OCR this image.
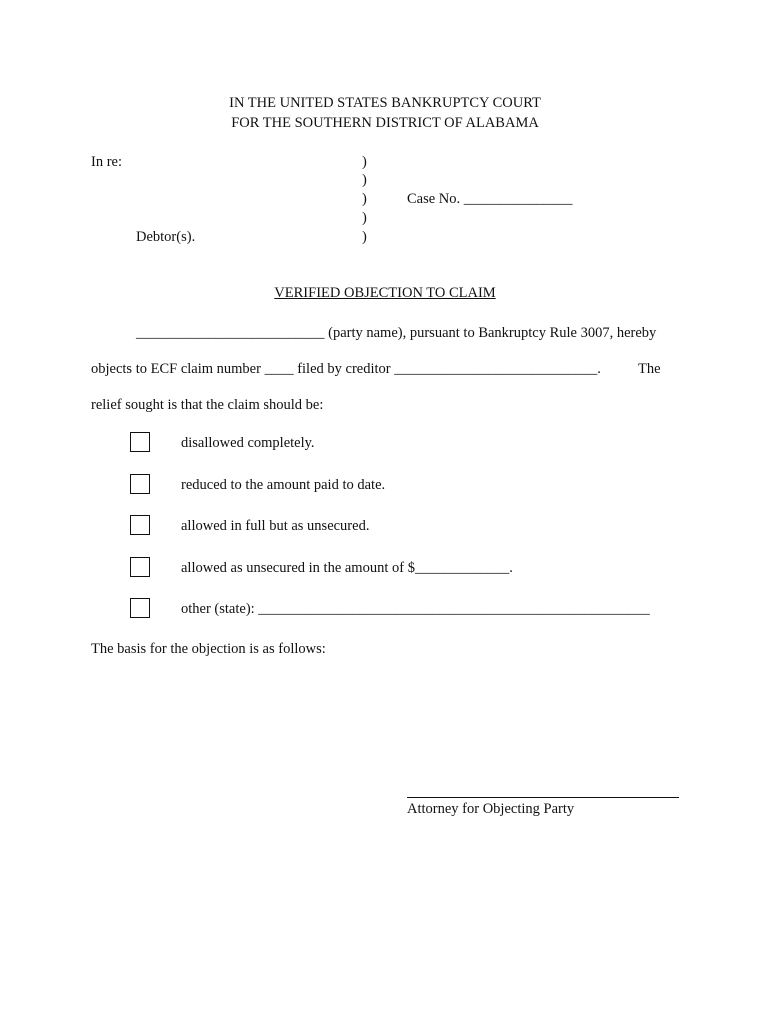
IN THE UNITED STATES BANKRUPTCY COURT
FOR THE SOUTHERN DISTRICT OF ALABAMA
In re:	)
)
)
)
)
Case No. _______________
Debtor(s).
VERIFIED OBJECTION TO CLAIM
__________________________ (party name), pursuant to Bankruptcy Rule 3007, hereby
objects to ECF claim number ____ filed by creditor ____________________________.	The
relief sought is that the claim should be:
disallowed completely.
reduced to the amount paid to date.
allowed in full but as unsecured.
allowed as unsecured in the amount of $_____________.
other (state): ______________________________________________________
The basis for the objection is as follows:
Attorney for Objecting Party
